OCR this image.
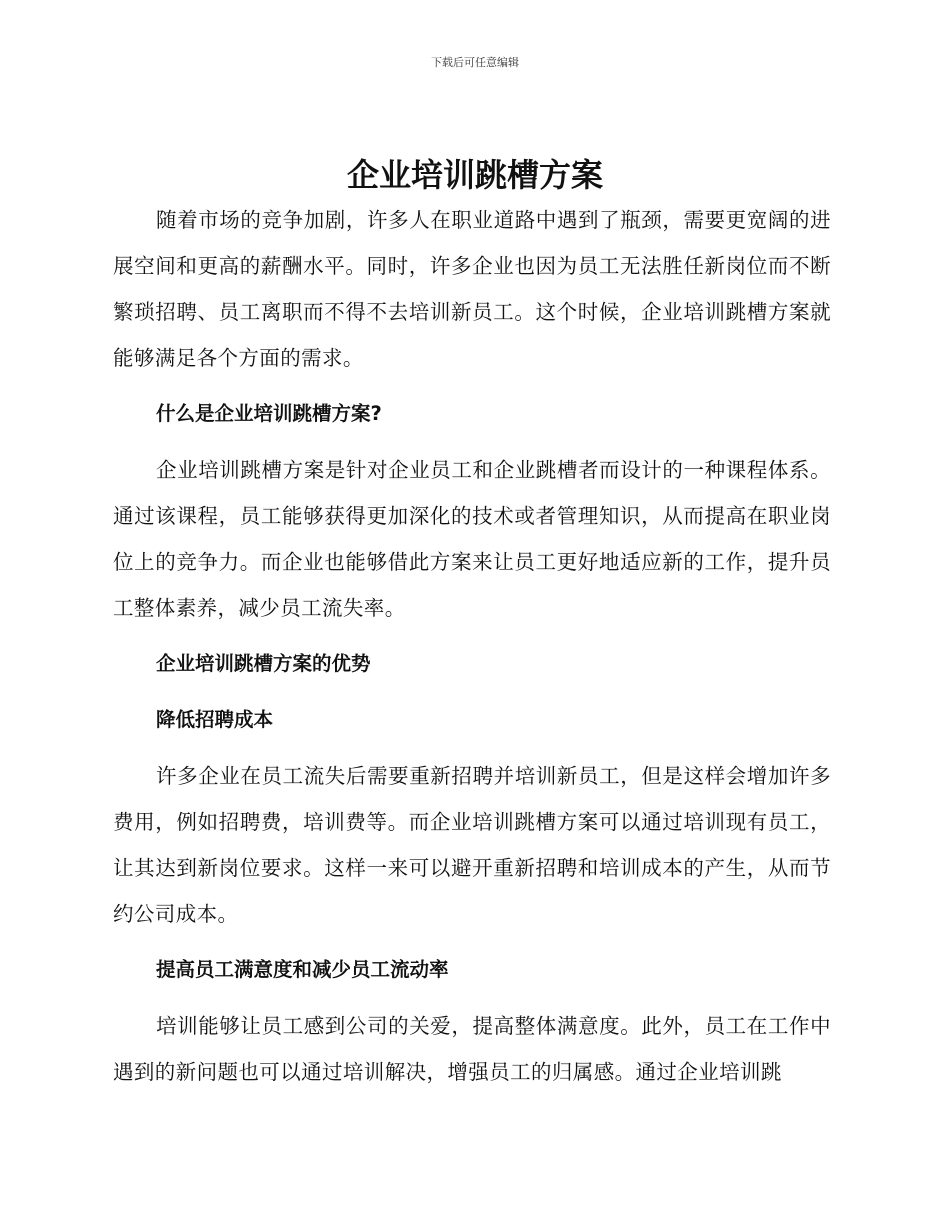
下载后可任意编辑
企业培训跳槽方案

随着市场的竞争加剧，许多人在职业道路中遇到了瓶颈，需要更宽阔的进展空间和更高的薪酬水平。同时，许多企业也因为员工无法胜任新岗位而不断繁琐招聘、员工离职而不得不去培训新员工。这个时候，企业培训跳槽方案就能够满足各个方面的需求。

什么是企业培训跳槽方案?

企业培训跳槽方案是针对企业员工和企业跳槽者而设计的一种课程体系。通过该课程，员工能够获得更加深化的技术或者管理知识，从而提高在职业岗位上的竞争力。而企业也能够借此方案来让员工更好地适应新的工作，提升员工整体素养，减少员工流失率。

企业培训跳槽方案的优势

降低招聘成本

许多企业在员工流失后需要重新招聘并培训新员工，但是这样会增加许多费用，例如招聘费，培训费等。而企业培训跳槽方案可以通过培训现有员工，让其达到新岗位要求。这样一来可以避开重新招聘和培训成本的产生，从而节约公司成本。

提高员工满意度和减少员工流动率

培训能够让员工感到公司的关爱，提高整体满意度。此外，员工在工作中遇到的新问题也可以通过培训解决，增强员工的归属感。通过企业培训跳
